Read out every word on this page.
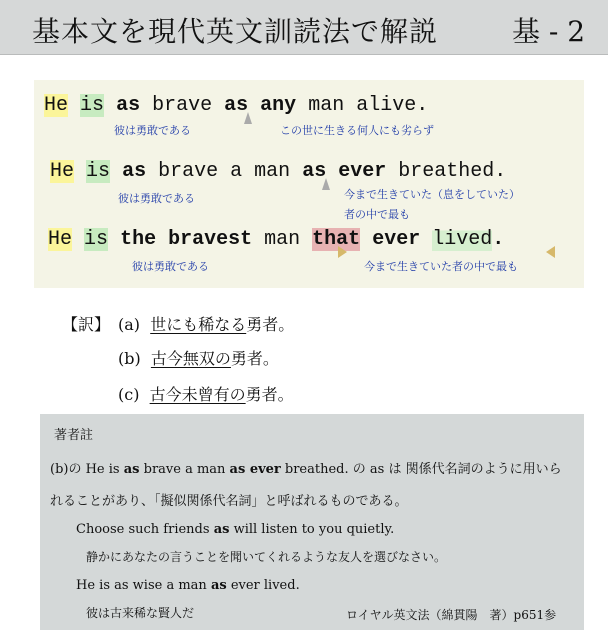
基本文を現代英文訓読法で解説	基 - 2
He is as brave as any man alive.
彼は勇敢である	この世に生きる何人にも劣らず
He is as brave a man as ever breathed.
彼は勇敢である	今まで生きていた（息をしていた）
者の中で最も
He is the bravest man that ever lived.
彼は勇敢である	今まで生きていた者の中で最も
【訳】 (a) 世にも稀なる勇者。
(b) 古今無双の勇者。
(c) 古今未曾有の勇者。
著者註
(b)の He is as brave a man as ever breathed. の as は 関係代名詞のように用いら
れることがあり、「擬似関係代名詞」と呼ばれるものである。
Choose such friends as will listen to you quietly.
静かにあなたの言うことを聞いてくれるような友人を選びなさい。
He is as wise a man as ever lived.
彼は古来稀な賢人だ	ロイヤル英文法（綿貫陽　著）p651参
